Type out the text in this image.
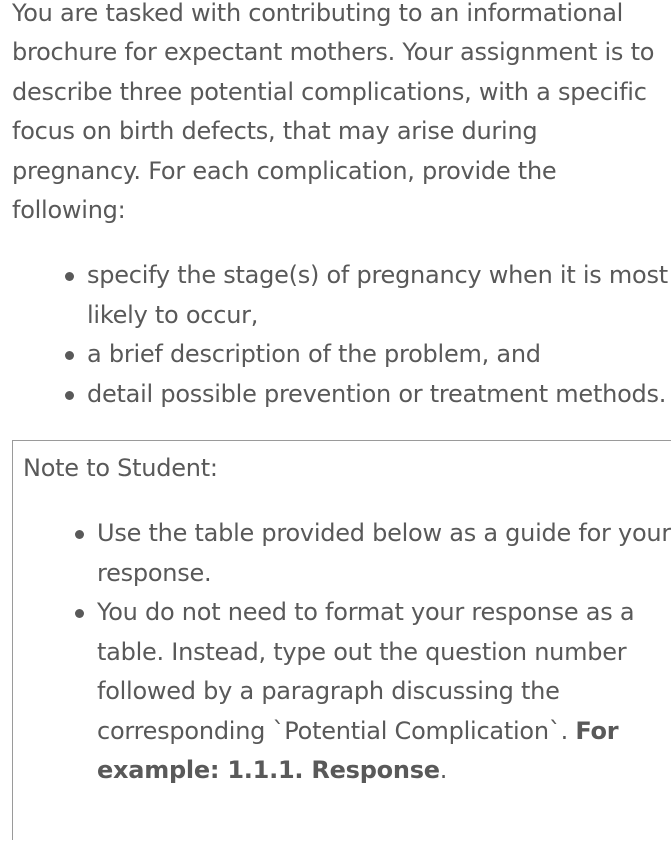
You are tasked with contributing to an informational brochure for expectant mothers. Your assignment is to describe three potential complications, with a specific focus on birth defects, that may arise during pregnancy. For each complication, provide the following:

specify the stage(s) of pregnancy when it is most likely to occur,
a brief description of the problem, and
detail possible prevention or treatment methods.

Note to Student:

Use the table provided below as a guide for your response.
You do not need to format your response as a table. Instead, type out the question number followed by a paragraph discussing the corresponding `Potential Complication`. For example: 1.1.1. Response.
